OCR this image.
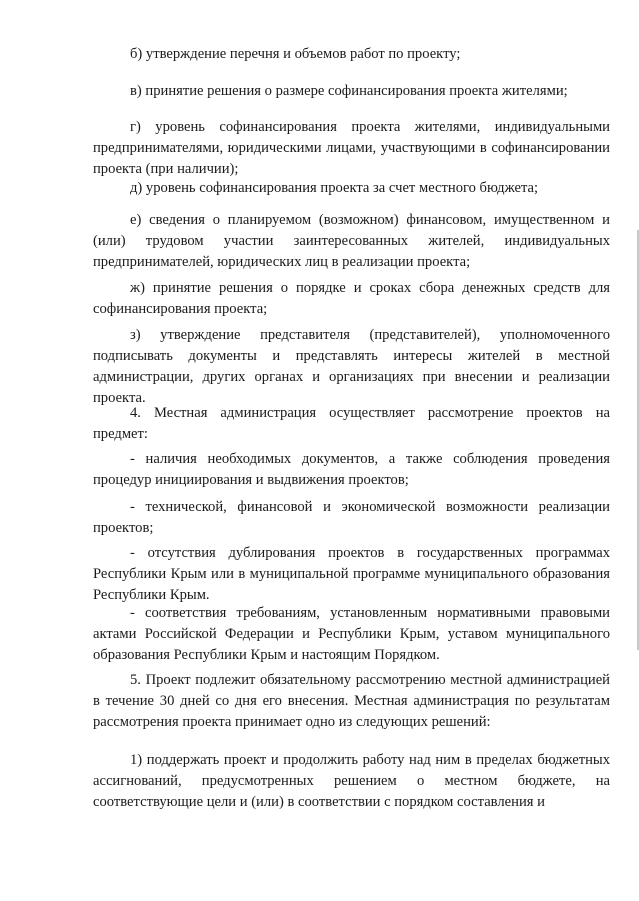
б) утверждение перечня и объемов работ по проекту;

в) принятие решения о размере софинансирования проекта жителями;

г) уровень софинансирования проекта жителями, индивидуальными предпринимателями, юридическими лицами, участвующими в софинансировании проекта (при наличии);

д) уровень софинансирования проекта за счет местного бюджета;

е) сведения о планируемом (возможном) финансовом, имущественном и (или) трудовом участии заинтересованных жителей, индивидуальных предпринимателей, юридических лиц в реализации проекта;

ж) принятие решения о порядке и сроках сбора денежных средств для софинансирования проекта;

з) утверждение представителя (представителей), уполномоченного подписывать документы и представлять интересы жителей в местной администрации, других органах и организациях при внесении и реализации проекта.

4. Местная администрация осуществляет рассмотрение проектов на предмет:

- наличия необходимых документов, а также соблюдения проведения процедур инициирования и выдвижения проектов;

- технической, финансовой и экономической возможности реализации проектов;

- отсутствия дублирования проектов в государственных программах Республики Крым или в муниципальной программе муниципального образования Республики Крым.

- соответствия требованиям, установленным нормативными правовыми актами Российской Федерации и Республики Крым, уставом муниципального образования Республики Крым и настоящим Порядком.

5. Проект подлежит обязательному рассмотрению местной администрацией в течение 30 дней со дня его внесения. Местная администрация по результатам рассмотрения проекта принимает одно из следующих решений:

1) поддержать проект и продолжить работу над ним в пределах бюджетных ассигнований, предусмотренных решением о местном бюджете, на соответствующие цели и (или) в соответствии с порядком составления и
